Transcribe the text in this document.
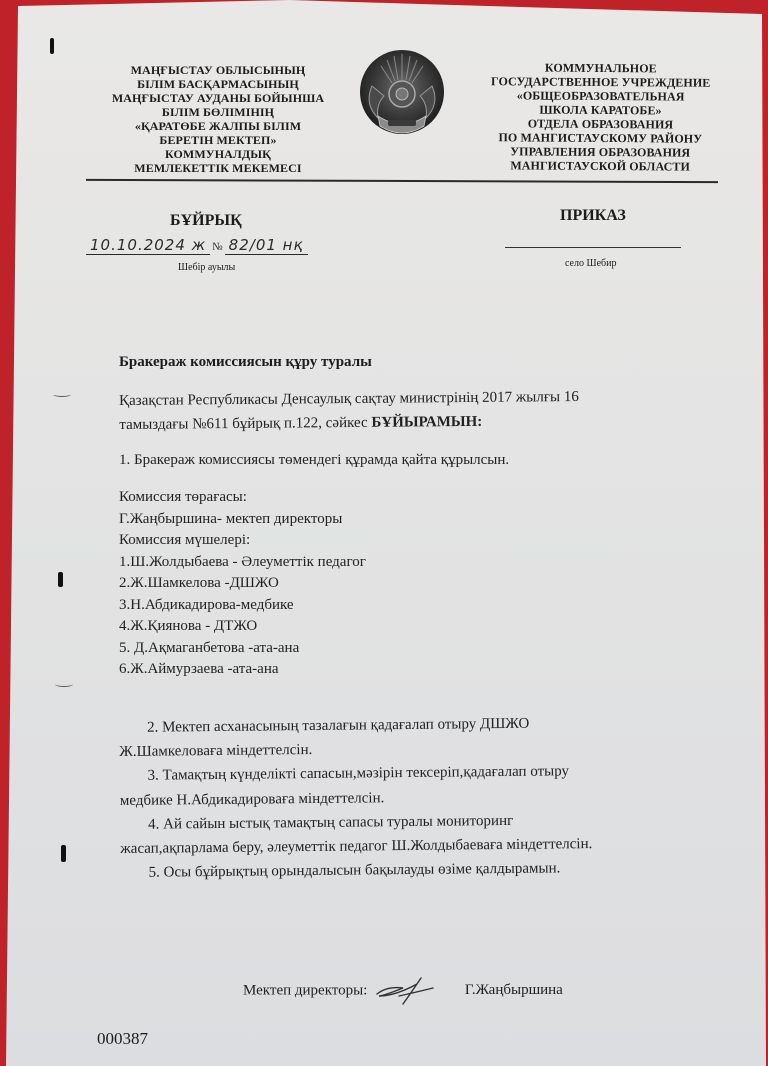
МАҢҒЫСТАУ ОБЛЫСЫНЫҢ
БІЛІМ БАСҚАРМАСЫНЫҢ
МАҢҒЫСТАУ АУДАНЫ БОЙЫНША
БІЛІМ БӨЛІМІНІҢ
«ҚАРАТӨБЕ ЖАЛПЫ БІЛІМ
БЕРЕТІН МЕКТЕП»
КОММУНАЛДЫҚ
МЕМЛЕКЕТТІК МЕКЕМЕСІ
КОММУНАЛЬНОЕ
ГОСУДАРСТВЕННОЕ УЧРЕЖДЕНИЕ
«ОБЩЕОБРАЗОВАТЕЛЬНАЯ
ШКОЛА КАРАТОБЕ»
ОТДЕЛА ОБРАЗОВАНИЯ
ПО МАНГИСТАУСКОМУ РАЙОНУ
УПРАВЛЕНИЯ ОБРАЗОВАНИЯ
МАНГИСТАУСКОЙ ОБЛАСТИ
БҰЙРЫҚ	ПРИКАЗ
10.10.2024 ж № 82/01 нқ
Шебір ауылы	село Шебир
Бракераж комиссиясын құру туралы
Қазақстан Республикасы Денсаулық сақтау министрінің 2017 жылғы 16
тамыздағы №611 бұйрық п.122, сәйкес БҰЙЫРАМЫН:
1. Бракераж комиссиясы төмендегі құрамда қайта құрылсын.
Комиссия төрағасы:
Г.Жаңбыршина- мектеп директоры
Комиссия мүшелері:
1.Ш.Жолдыбаева - Әлеуметтік педагог
2.Ж.Шамкелова -ДШЖО
3.Н.Абдикадирова-медбике
4.Ж.Қиянова - ДТЖО
5. Д.Ақмаганбетова -ата-ана
6.Ж.Аймурзаева -ата-ана
2. Мектеп асханасының тазалағын қадағалап отыру ДШЖО
Ж.Шамкеловаға міндеттелсін.
3. Тамақтың күнделікті сапасын,мәзірін тексеріп,қадағалап отыру
медбике Н.Абдикадироваға міндеттелсін.
4. Ай сайын ыстық тамақтың сапасы туралы мониторинг
жасап,ақпарлама беру, әлеуметтік педагог Ш.Жолдыбаеваға міндеттелсін.
5. Осы бұйрықтың орындалысын бақылауды өзіме қалдырамын.
Мектеп директоры:	Г.Жаңбыршина
000387
